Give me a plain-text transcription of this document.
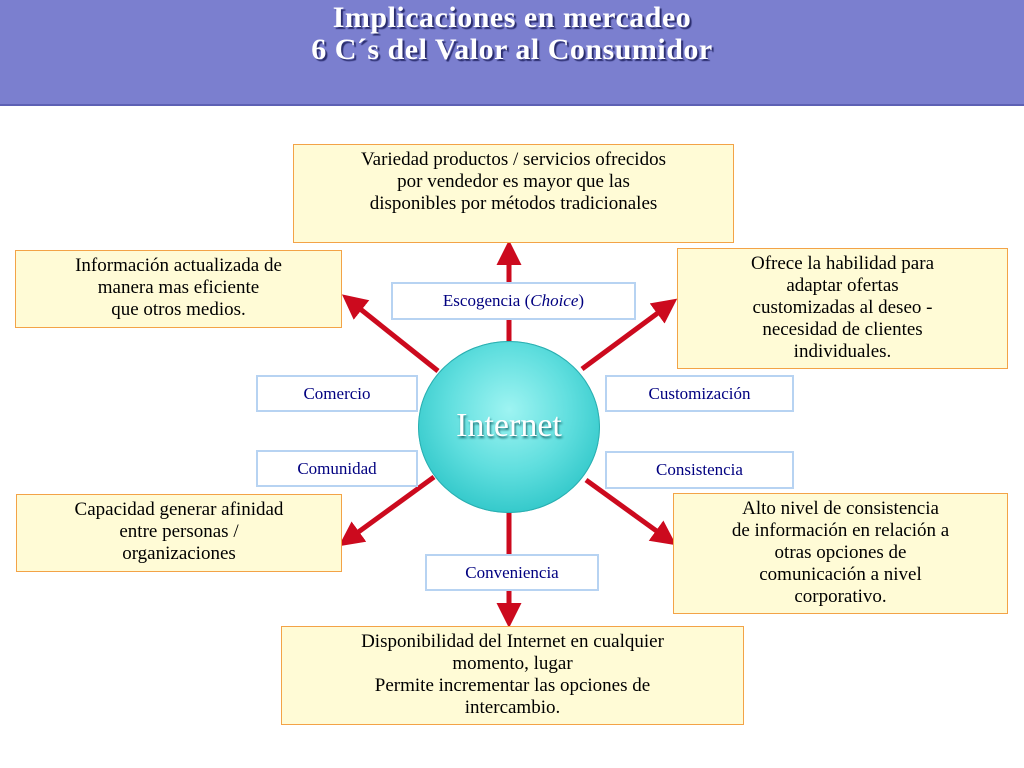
Implicaciones en mercadeo
6 C´s del Valor al Consumidor
Variedad productos / servicios ofrecidos
por vendedor es mayor que las
disponibles por métodos tradicionales
Información actualizada de
manera mas eficiente
que otros medios.
Ofrece la habilidad para
adaptar ofertas
customizadas al deseo -
necesidad de clientes
individuales.
Capacidad generar afinidad
entre personas /
organizaciones
Alto nivel de consistencia
de información en relación a
otras opciones de
comunicación a nivel
corporativo.
Disponibilidad del Internet en cualquier
momento, lugar
Permite incrementar las opciones de
intercambio.
Escogencia (Choice)
Comercio
Comunidad
Customización
Consistencia
Conveniencia
Internet
